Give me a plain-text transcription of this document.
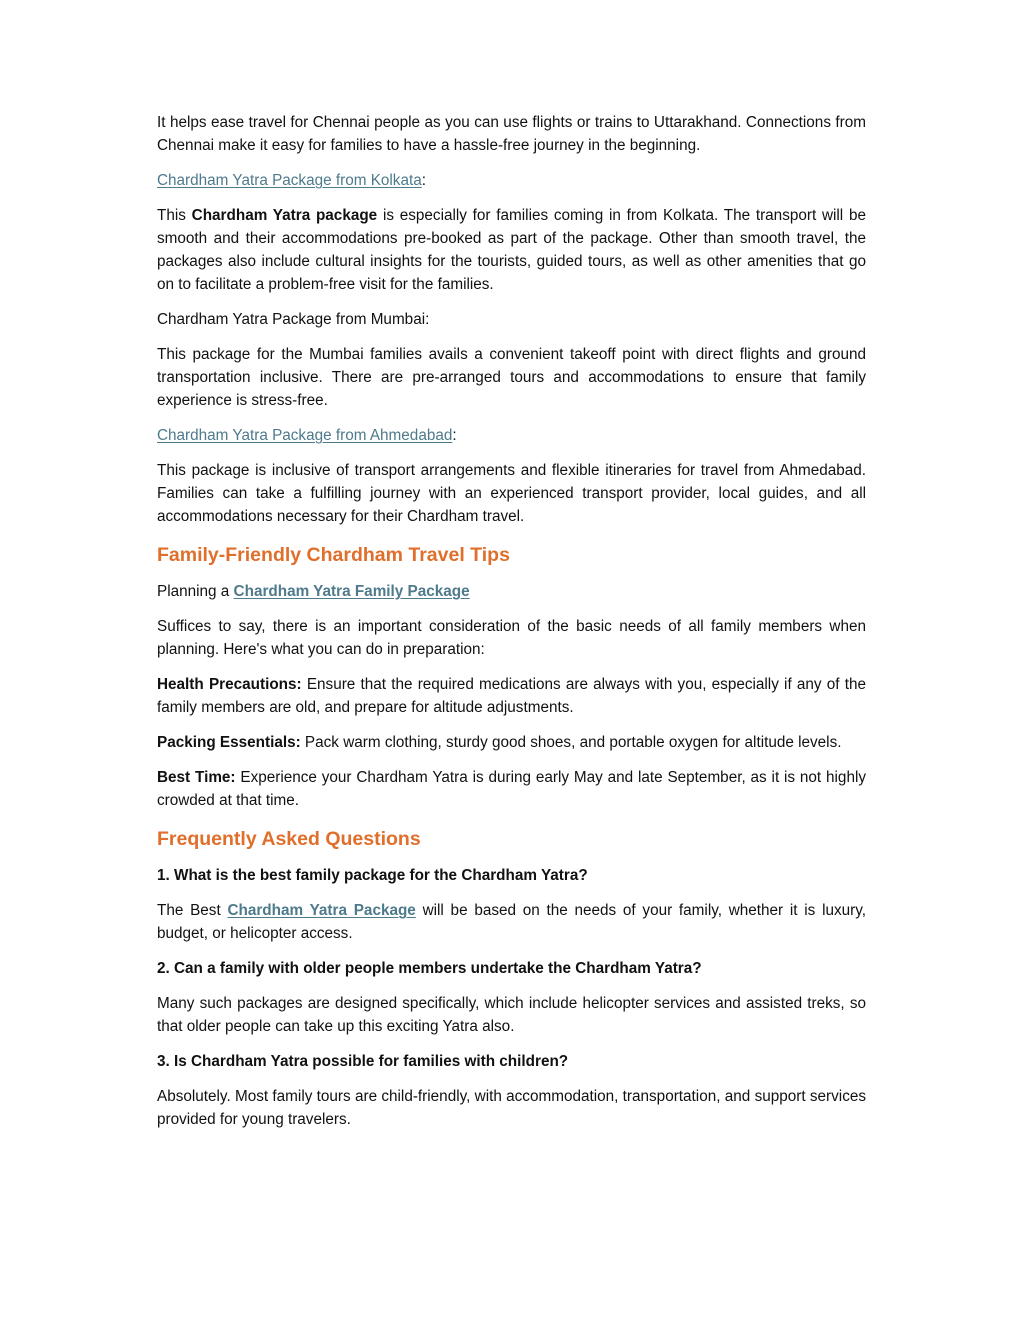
It helps ease travel for Chennai people as you can use flights or trains to Uttarakhand. Connections from Chennai make it easy for families to have a hassle-free journey in the beginning.

Chardham Yatra Package from Kolkata:

This Chardham Yatra package is especially for families coming in from Kolkata. The transport will be smooth and their accommodations pre-booked as part of the package. Other than smooth travel, the packages also include cultural insights for the tourists, guided tours, as well as other amenities that go on to facilitate a problem-free visit for the families.

Chardham Yatra Package from Mumbai:

This package for the Mumbai families avails a convenient takeoff point with direct flights and ground transportation inclusive. There are pre-arranged tours and accommodations to ensure that family experience is stress-free.

Chardham Yatra Package from Ahmedabad:

This package is inclusive of transport arrangements and flexible itineraries for travel from Ahmedabad. Families can take a fulfilling journey with an experienced transport provider, local guides, and all accommodations necessary for their Chardham travel.

Family-Friendly Chardham Travel Tips

Planning a Chardham Yatra Family Package

Suffices to say, there is an important consideration of the basic needs of all family members when planning. Here's what you can do in preparation:

Health Precautions: Ensure that the required medications are always with you, especially if any of the family members are old, and prepare for altitude adjustments.

Packing Essentials: Pack warm clothing, sturdy good shoes, and portable oxygen for altitude levels.

Best Time: Experience your Chardham Yatra is during early May and late September, as it is not highly crowded at that time.

Frequently Asked Questions

1. What is the best family package for the Chardham Yatra?

The Best Chardham Yatra Package will be based on the needs of your family, whether it is luxury, budget, or helicopter access.

2. Can a family with older people members undertake the Chardham Yatra?

Many such packages are designed specifically, which include helicopter services and assisted treks, so that older people can take up this exciting Yatra also.

3. Is Chardham Yatra possible for families with children?

Absolutely. Most family tours are child-friendly, with accommodation, transportation, and support services provided for young travelers.
